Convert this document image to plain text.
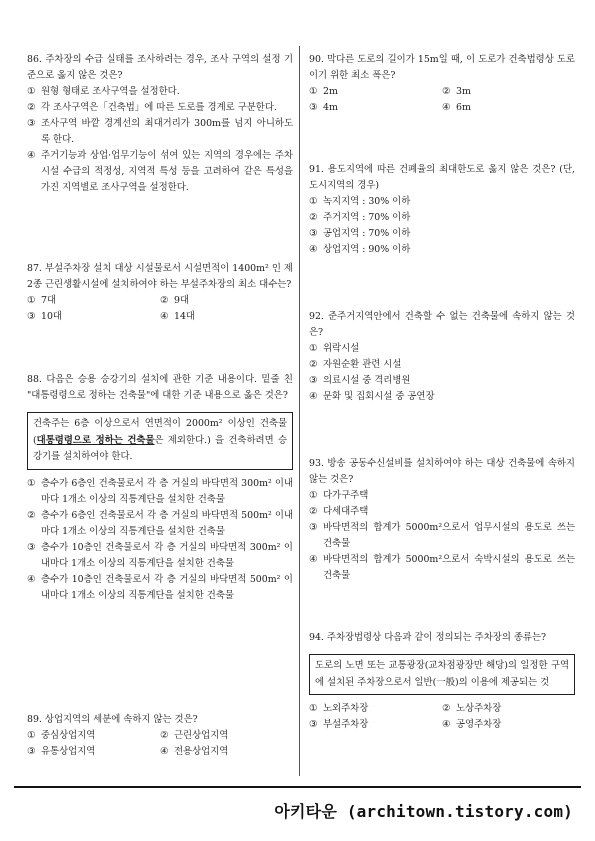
86. 주차장의 수급 실태를 조사하려는 경우, 조사 구역의 설정 기준으로 옳지 않은 것은?

① 원형 형태로 조사구역을 설정한다.
② 각 조사구역은「건축법」에 따른 도로를 경계로 구분한다.
③ 조사구역 바깥 경계선의 최대거리가 300m를 넘지 아니하도록 한다.
④ 주거기능과 상업·업무기능이 섞여 있는 지역의 경우에는 주차시설 수급의 적정성, 지역적 특성 등을 고려하여 같은 특성을 가진 지역별로 조사구역을 설정한다.

87. 부설주차장 설치 대상 시설물로서 시설면적이 1400m² 인 제2종 근린생활시설에 설치하여야 하는 부설주차장의 최소 대수는?

① 7대	② 9대
③ 10대	④ 14대

88. 다음은 승용 승강기의 설치에 관한 기준 내용이다. 밑줄 친 "대통령령으로 정하는 건축물"에 대한 기준 내용으로 옳은 것은?

건축주는 6층 이상으로서 연면적이 2000m² 이상인 건축물(대통령령으로 정하는 건축물은 제외한다.) 을 건축하려면 승강기를 설치하여야 한다.
① 층수가 6층인 건축물로서 각 층 거실의 바닥면적 300m² 이내마다 1개소 이상의 직통계단을 설치한 건축물
② 층수가 6층인 건축물로서 각 층 거실의 바닥면적 500m² 이내마다 1개소 이상의 직통계단을 설치한 건축물
③ 층수가 10층인 건축물로서 각 층 거실의 바닥면적 300m² 이내마다 1개소 이상의 직통계단을 설치한 건축물
④ 층수가 10층인 건축물로서 각 층 거실의 바닥면적 500m² 이내마다 1개소 이상의 직통계단을 설치한 건축물

89. 상업지역의 세분에 속하지 않는 것은?

① 중심상업지역	② 근린상업지역
③ 유통상업지역	④ 전용상업지역

90. 막다른 도로의 길이가 15m일 때, 이 도로가 건축법령상 도로이기 위한 최소 폭은?

① 2m	② 3m
③ 4m	④ 6m

91. 용도지역에 따른 건폐율의 최대한도로 옳지 않은 것은? (단, 도시지역의 경우)

① 녹지지역 : 30% 이하
② 주거지역 : 70% 이하
③ 공업지역 : 70% 이하
④ 상업지역 : 90% 이하

92. 준주거지역안에서 건축할 수 없는 건축물에 속하지 않는 것은?

① 위락시설
② 자원순환 관련 시설
③ 의료시설 중 격리병원
④ 문화 및 집회시설 중 공연장

93. 방송 공동수신설비를 설치하여야 하는 대상 건축물에 속하지 않는 것은?

① 다가구주택
② 다세대주택
③ 바닥면적의 합계가 5000m²으로서 업무시설의 용도로 쓰는 건축물
④ 바닥면적의 합계가 5000m²으로서 숙박시설의 용도로 쓰는 건축물

94. 주차장법령상 다음과 같이 정의되는 주차장의 종류는?

도로의 노면 또는 교통광장(교차점광장만 해당)의 일정한 구역에 설치된 주차장으로서 일반(一般)의 이용에 제공되는 것
① 노외주차장	② 노상주차장
③ 부설주차장	④ 공영주차장
아키타운 (architown.tistory.com)
